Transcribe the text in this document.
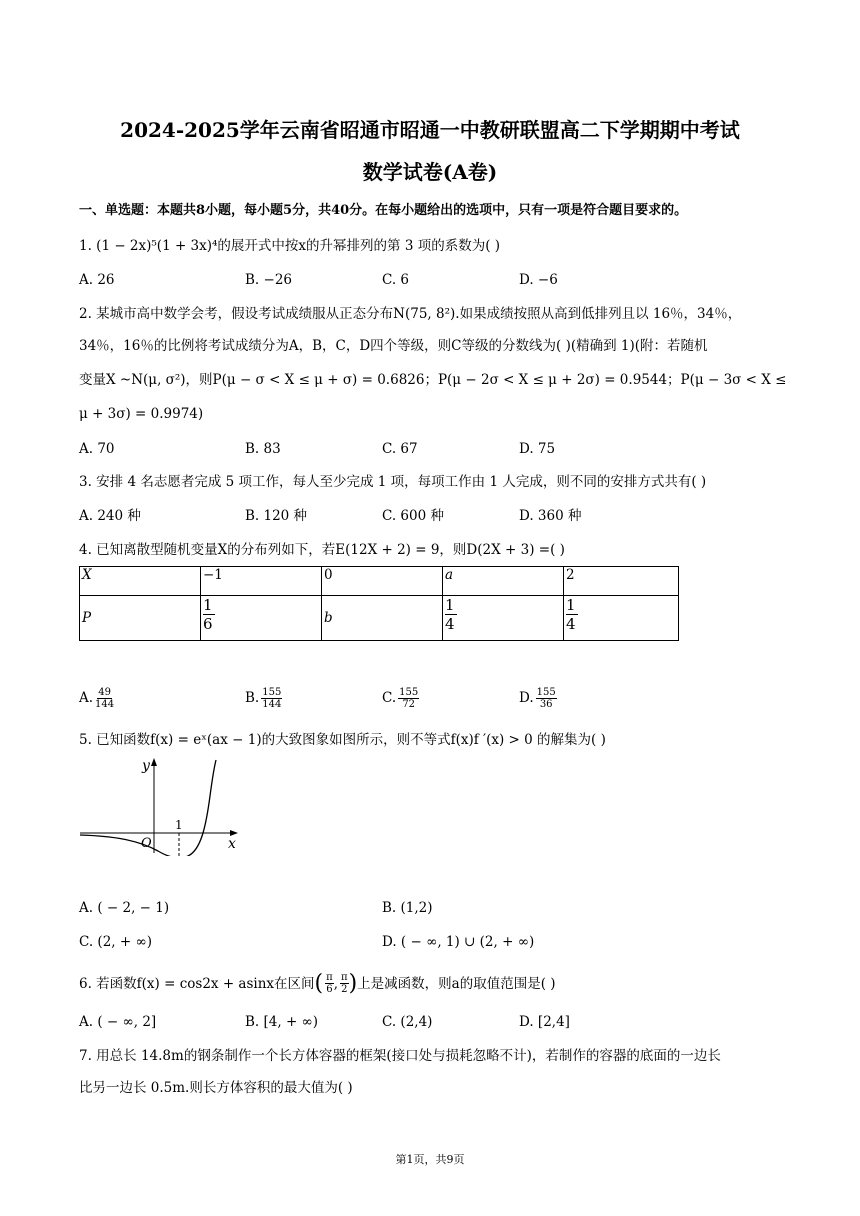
2024-2025学年云南省昭通市昭通一中教研联盟高二下学期期中考试
数学试卷(A卷)
一、单选题：本题共8小题，每小题5分，共40分。在每小题给出的选项中，只有一项是符合题目要求的。
1. (1 − 2x)⁵(1 + 3x)⁴的展开式中按x的升幂排列的第 3 项的系数为( )
A. 26	B. −26	C. 6	D. −6
2. 某城市高中数学会考，假设考试成绩服从正态分布N(75, 8²).如果成绩按照从高到低排列且以 16％，34％，
34％，16％的比例将考试成绩分为A，B，C，D四个等级，则C等级的分数线为( )(精确到 1)(附：若随机
变量X ~N(μ, σ²)，则P(μ − σ < X ≤ μ + σ) = 0.6826；P(μ − 2σ < X ≤ μ + 2σ) = 0.9544；P(μ − 3σ < X ≤
μ + 3σ) = 0.9974)
A. 70	B. 83	C. 67	D. 75
3. 安排 4 名志愿者完成 5 项工作，每人至少完成 1 项，每项工作由 1 人完成，则不同的安排方式共有( )
A. 240 种	B. 120 种	C. 600 种	D. 360 种
4. 已知离散型随机变量X的分布列如下，若E(12X + 2) = 9，则D(2X + 3) =( )
X	−1	0	a	2
P	$\frac{1}{6}$	b	$\frac{1}{4}$	$\frac{1}{4}$
A. $\frac{49}{144}$	B. $\frac{155}{144}$	C. $\frac{155}{72}$	D. $\frac{155}{36}$
5. 已知函数f(x) = eˣ(ax − 1)的大致图象如图所示，则不等式f(x)f ′(x) > 0 的解集为( )
y
x
O
1
A. ( − 2, − 1)	B. (1,2)
C. (2, + ∞)	D. ( − ∞, 1) ∪ (2, + ∞)
6. 若函数f(x) = cos2x + asinx在区间 ( $\frac{\pi}{6}$ , $\frac{\pi}{2}$ ) 上是减函数，则a的取值范围是( )
A. ( − ∞, 2]	B. [4, + ∞)	C. (2,4)	D. [2,4]
7. 用总长 14.8m的钢条制作一个长方体容器的框架(接口处与损耗忽略不计)，若制作的容器的底面的一边长
比另一边长 0.5m.则长方体容积的最大值为( )
第1页，共9页
